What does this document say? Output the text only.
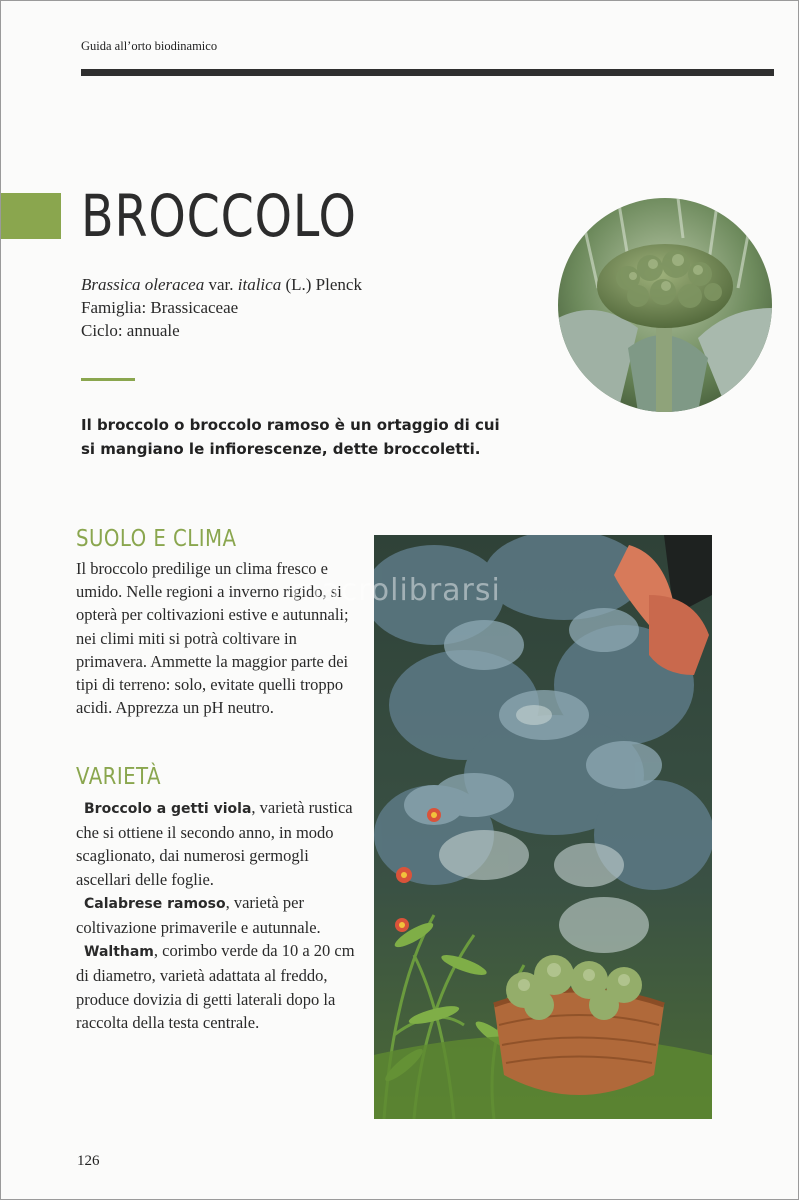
Guida all’orto biodinamico
BROCCOLO
Brassica oleracea var. italica (L.) Plenck
Famiglia: Brassicaceae
Ciclo: annuale
Il broccolo o broccolo ramoso è un ortaggio di cui si mangiano le infiorescenze, dette broccoletti.
SUOLO E CLIMA

Il broccolo predilige un clima fresco e umido. Nelle regioni a inverno rigido, si opterà per coltivazioni estive e autunnali; nei climi miti si potrà coltivare in primavera. Ammette la maggior parte dei tipi di terreno: solo, evitate quelli troppo acidi. Apprezza un pH neutro.

VARIETÀ

Broccolo a getti viola, varietà rustica che si ottiene il secondo anno, in modo scaglionato, dai numerosi germogli ascellari delle foglie.

Calabrese ramoso, varietà per coltivazione primaverile e autunnale.

Waltham, corimbo verde da 10 a 20 cm di diametro, varietà adattata al freddo, produce dovizia di getti laterali dopo la raccolta della testa centrale.

macrolibrarsi
126
